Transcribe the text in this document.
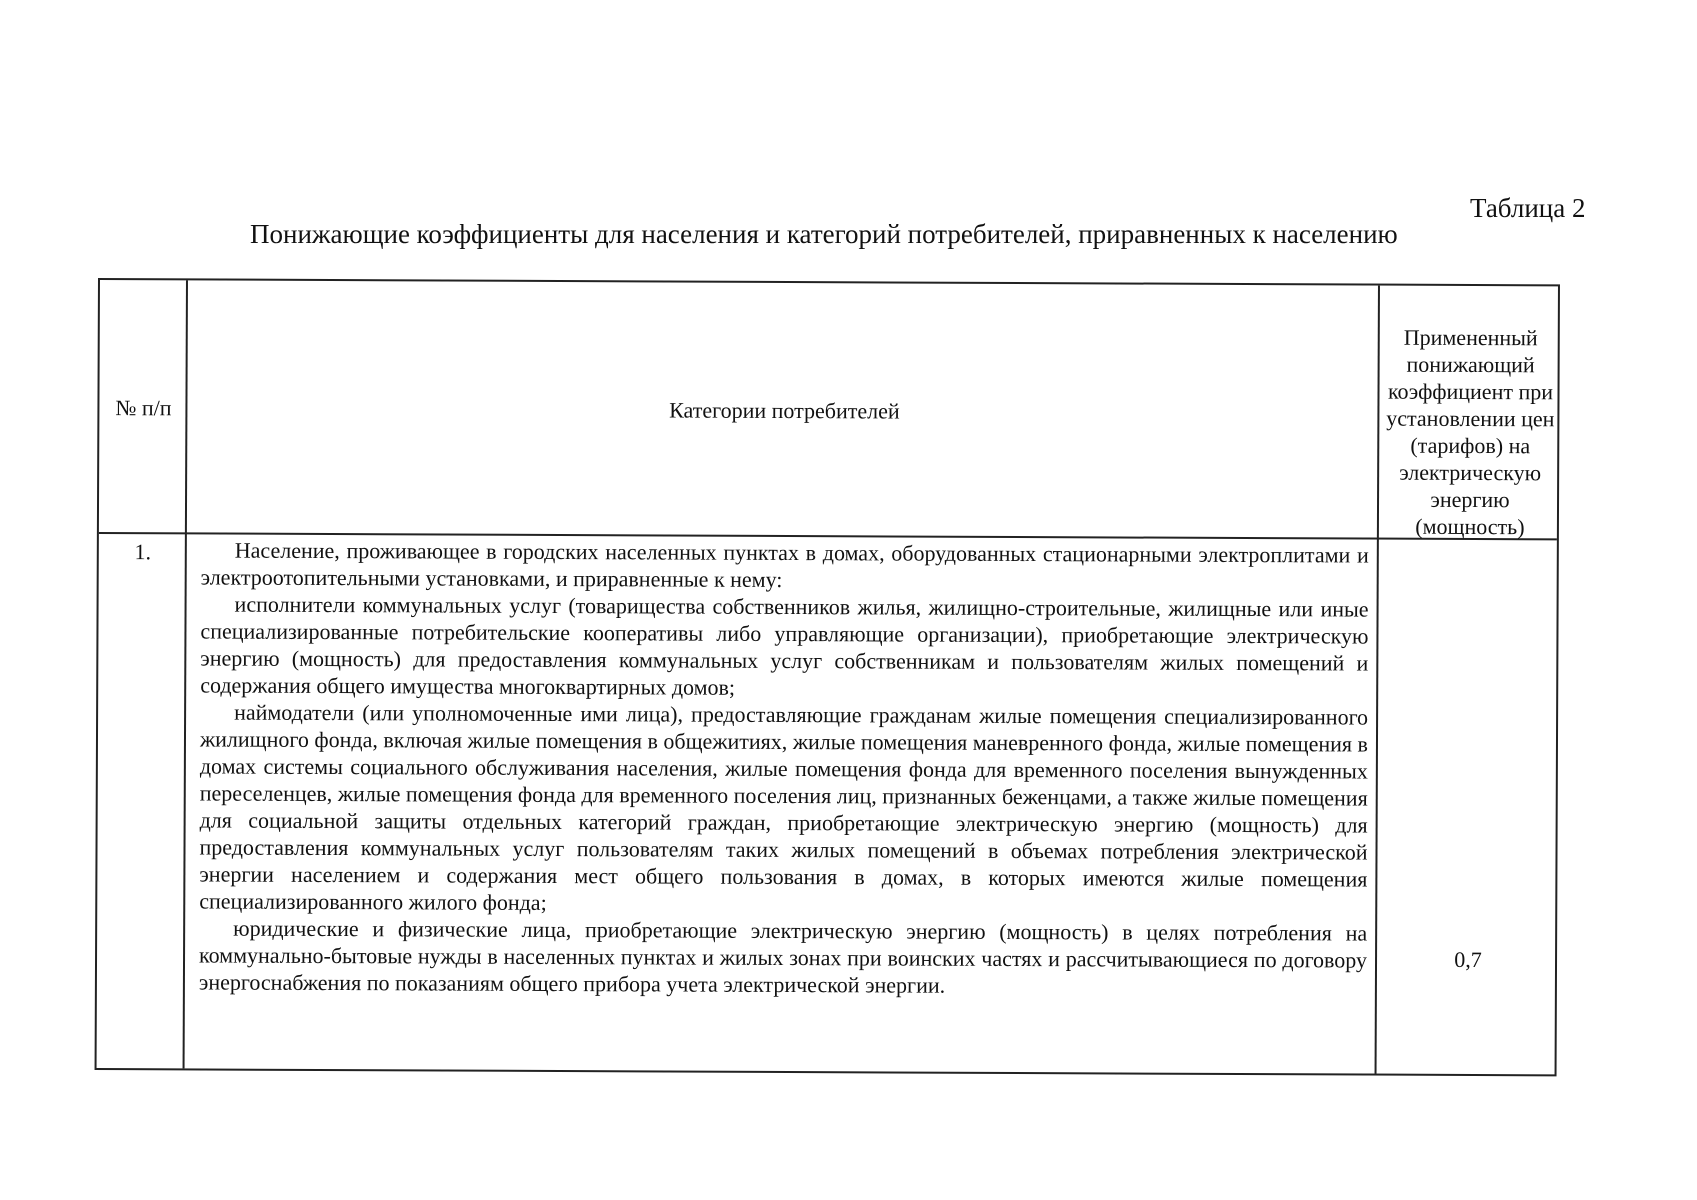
Таблица 2
Понижающие коэффициенты для населения и категорий потребителей, приравненных к населению
№ п/п	Категории потребителей
Примененный понижающий коэффициент при установлении цен (тарифов) на электрическую энергию (мощность)
1.	Население, проживающее в городских населенных пунктах в домах, оборудованных стационарными электроплитами и электроотопительными установками, и приравненные к нему:

исполнители коммунальных услуг (товарищества собственников жилья, жилищно-строительные, жилищные или иные специализированные потребительские кооперативы либо управляющие организации), приобретающие электрическую энергию (мощность) для предоставления коммунальных услуг собственникам и пользователям жилых помещений и содержания общего имущества многоквартирных домов;

наймодатели (или уполномоченные ими лица), предоставляющие гражданам жилые помещения специализированного жилищного фонда, включая жилые помещения в общежитиях, жилые помещения маневренного фонда, жилые помещения в домах системы социального обслуживания населения, жилые помещения фонда для временного поселения вынужденных переселенцев, жилые помещения фонда для временного поселения лиц, признанных беженцами, а также жилые помещения для социальной защиты отдельных категорий граждан, приобретающие электрическую энергию (мощность) для предоставления коммунальных услуг пользователям таких жилых помещений в объемах потребления электрической энергии населением и содержания мест общего пользования в домах, в которых имеются жилые помещения специализированного жилого фонда;

юридические и физические лица, приобретающие электрическую энергию (мощность) в целях потребления на коммунально-бытовые нужды в населенных пунктах и жилых зонах при воинских частях и рассчитывающиеся по договору энергоснабжения по показаниям общего прибора учета электрической энергии.

0,7
